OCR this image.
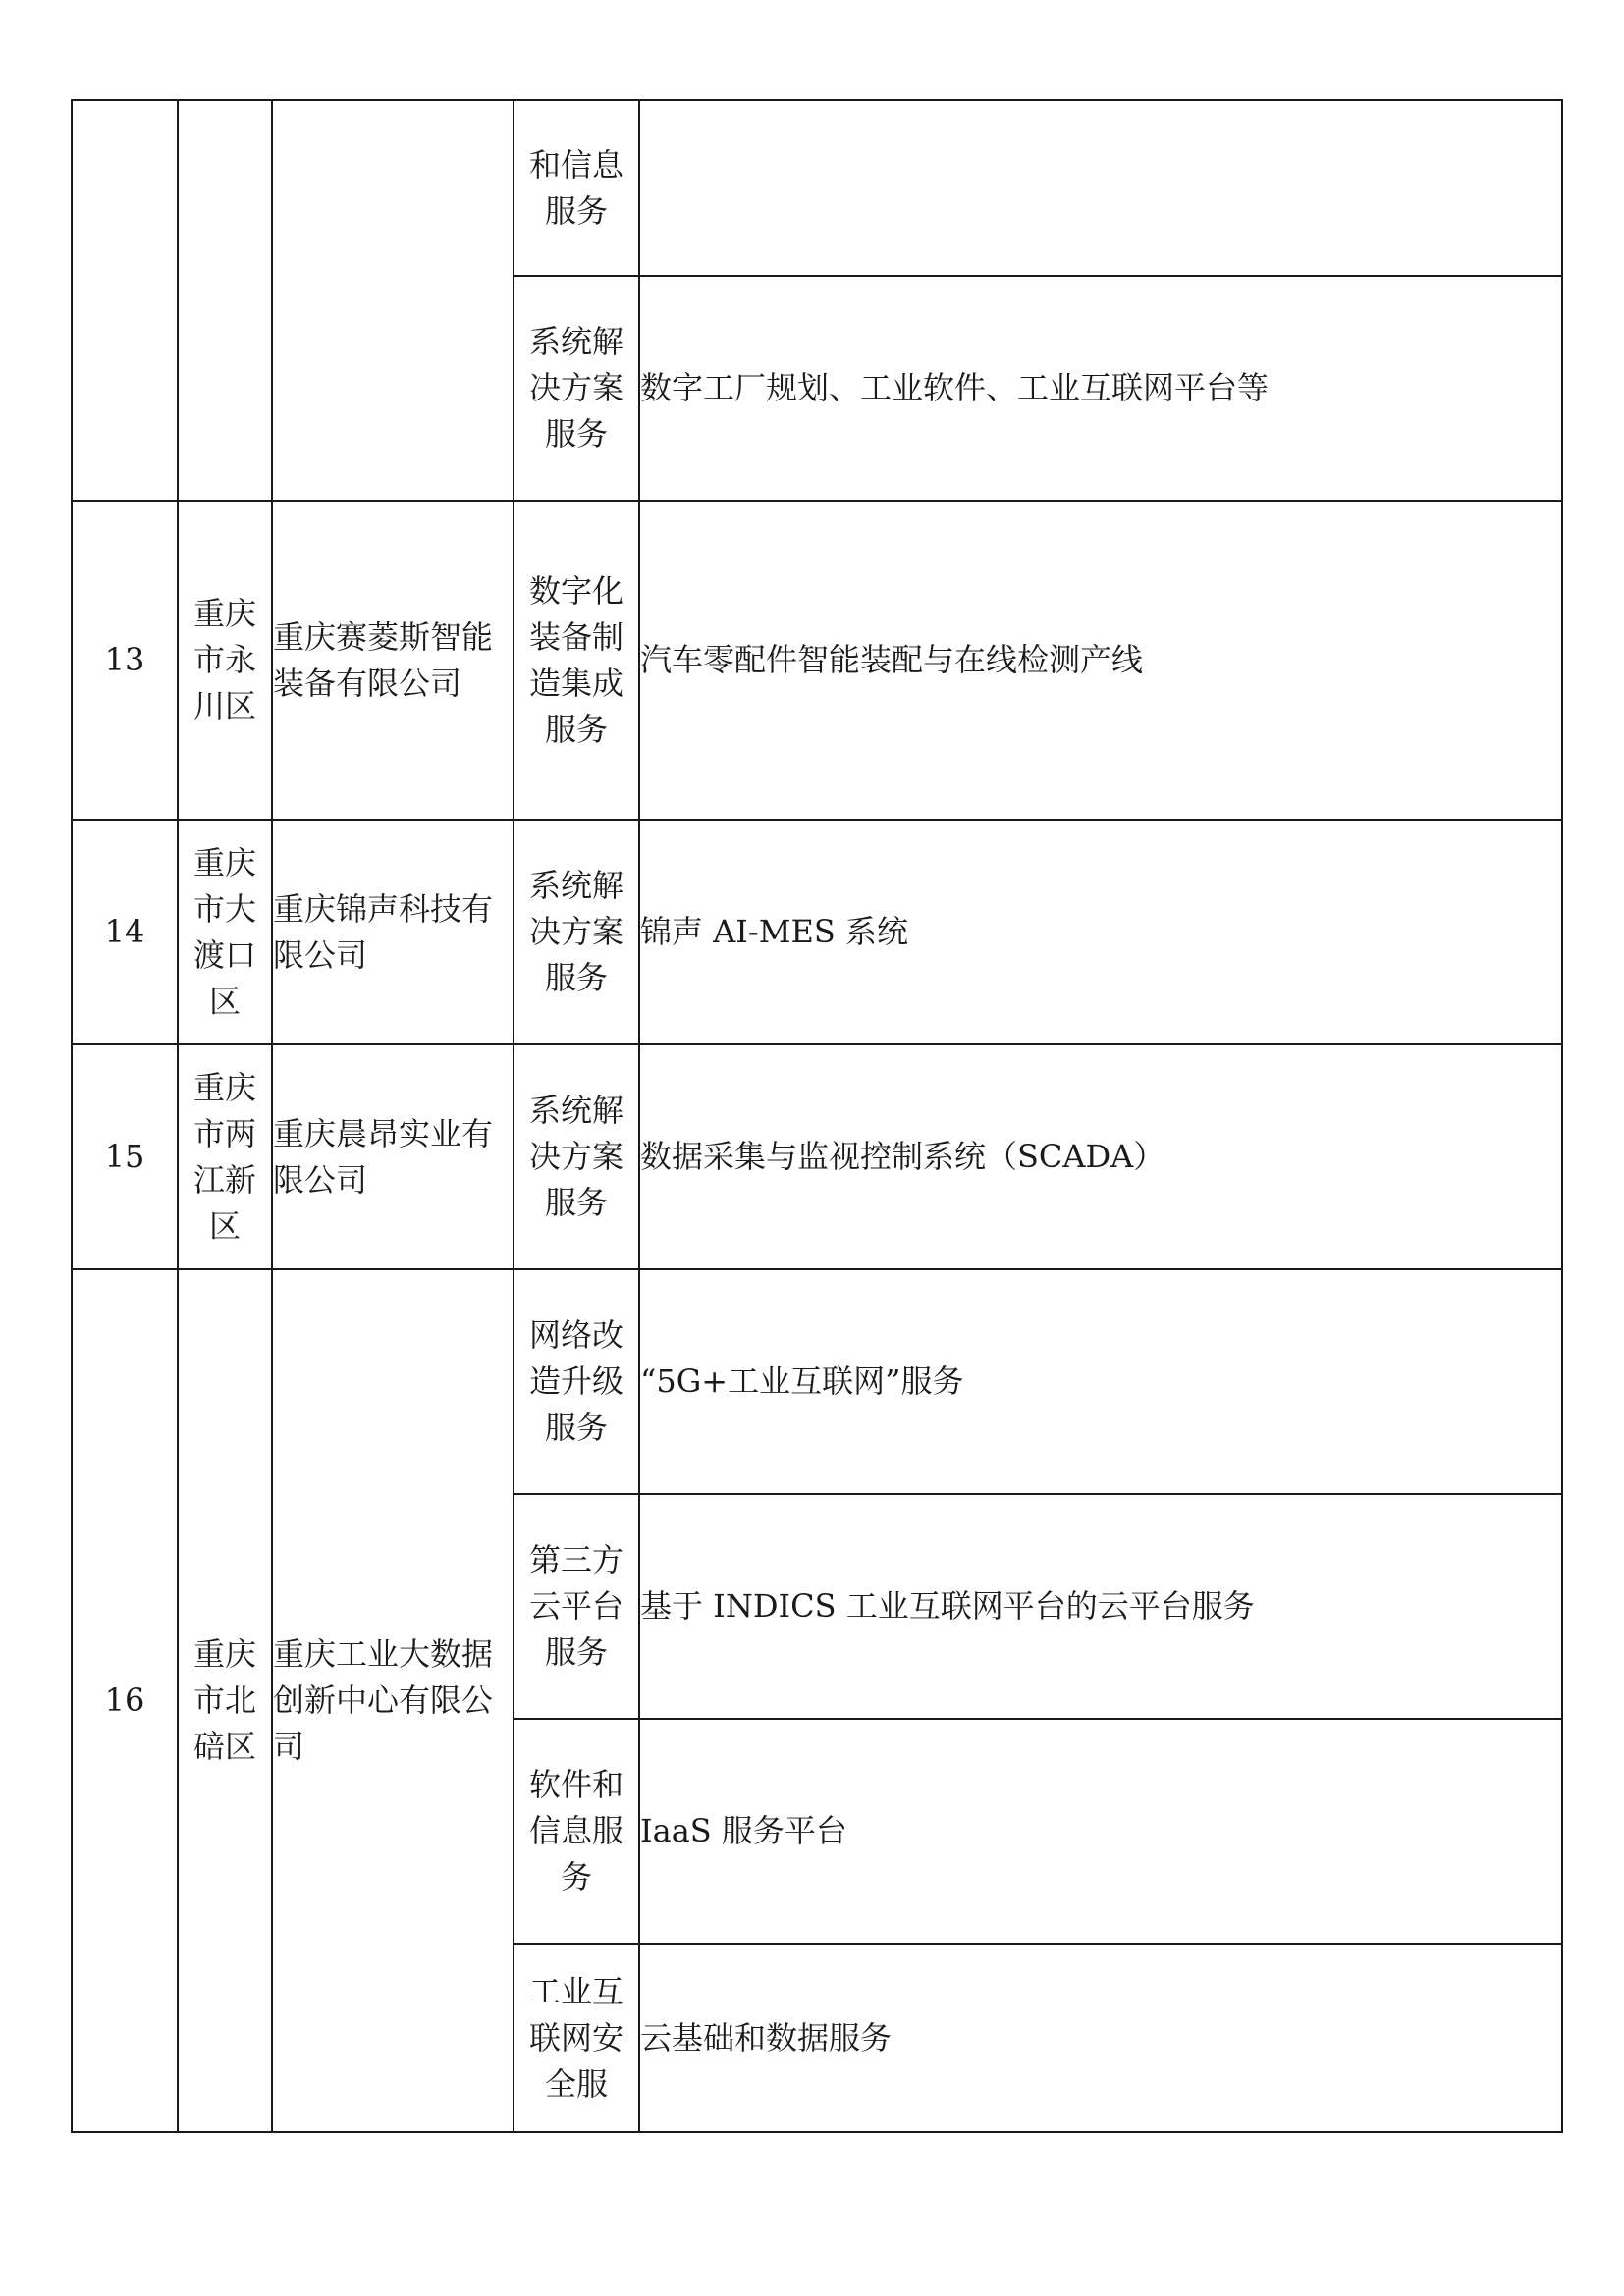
			和信息服务	

			系统解决方案服务	数字工厂规划、工业软件、工业互联网平台等

13	重庆市永川区	重庆赛菱斯智能装备有限公司	数字化装备制造集成服务	汽车零配件智能装配与在线检测产线

14	重庆市大渡口区	重庆锦声科技有限公司	系统解决方案服务	锦声 AI-MES 系统

15	重庆市两江新区	重庆晨昂实业有限公司	系统解决方案服务	数据采集与监视控制系统（SCADA）

16	重庆市北碚区	重庆工业大数据创新中心有限公司	网络改造升级服务	“5G+工业互联网”服务

			第三方云平台服务	基于 INDICS 工业互联网平台的云平台服务

			软件和信息服务	IaaS 服务平台

			工业互联网安全服	云基础和数据服务
